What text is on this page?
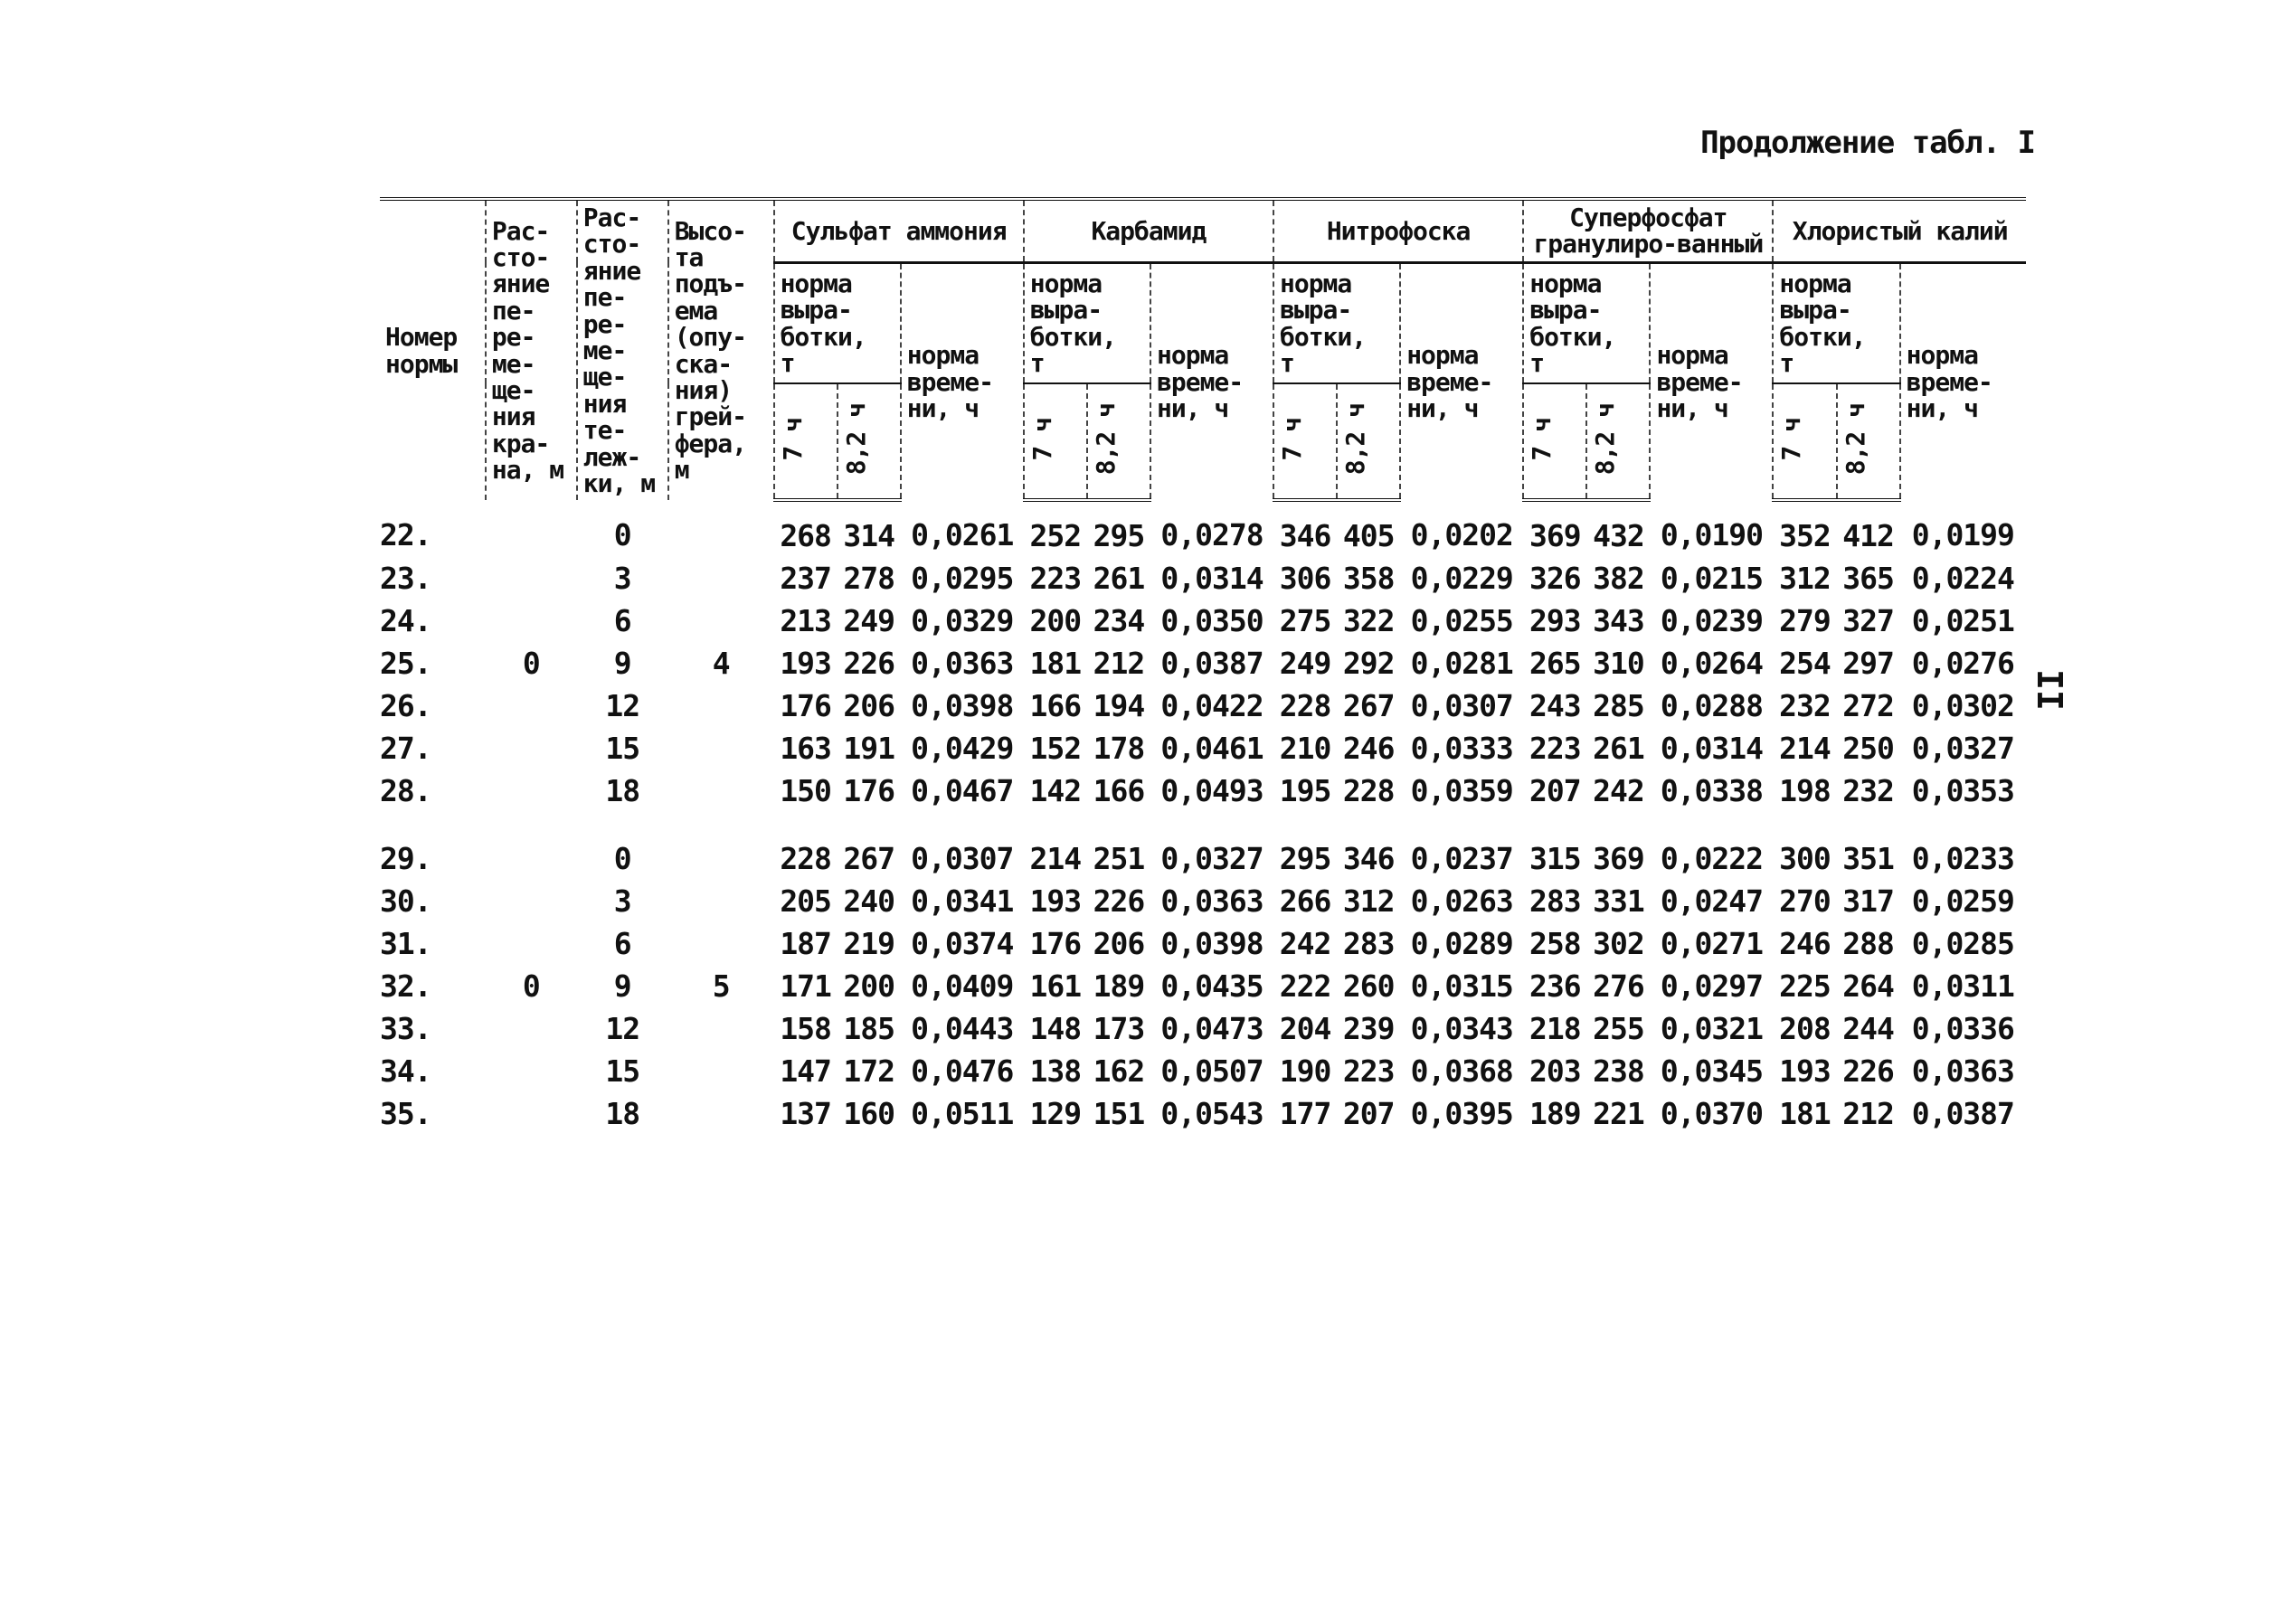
Продолжение табл. I
II
Номер нормы	Рас-сто-яние пе-ре-ме-ще-ния кра-на, м	Рас-сто-яние пе-ре-ме-ще-ния те-леж-ки, м	Высо-та подъ-ема (опу-ска-ния) грей-фера, м	Сульфат аммония			Карбамид			Нитрофоска			Суперфосфат гранулиро-ванный			Хлористый калий		
				норма выра-ботки, т		норма време-ни, ч	норма выра-ботки, т		норма време-ни, ч	норма выра-ботки, т		норма време-ни, ч	норма выра-ботки, т		норма време-ни, ч	норма выра-ботки, т		норма време-ни, ч
				7 ч	8,2 ч		7 ч	8,2 ч		7 ч	8,2 ч		7 ч	8,2 ч		7 ч	8,2 ч	
22.		0		268	314	0,0261	252	295	0,0278	346	405	0,0202	369	432	0,0190	352	412	0,0199
23.		3		237	278	0,0295	223	261	0,0314	306	358	0,0229	326	382	0,0215	312	365	0,0224
24.		6		213	249	0,0329	200	234	0,0350	275	322	0,0255	293	343	0,0239	279	327	0,0251
25.	0	9	4	193	226	0,0363	181	212	0,0387	249	292	0,0281	265	310	0,0264	254	297	0,0276
26.		12		176	206	0,0398	166	194	0,0422	228	267	0,0307	243	285	0,0288	232	272	0,0302
27.		15		163	191	0,0429	152	178	0,0461	210	246	0,0333	223	261	0,0314	214	250	0,0327
28.		18		150	176	0,0467	142	166	0,0493	195	228	0,0359	207	242	0,0338	198	232	0,0353

29.		0		228	267	0,0307	214	251	0,0327	295	346	0,0237	315	369	0,0222	300	351	0,0233
30.		3		205	240	0,0341	193	226	0,0363	266	312	0,0263	283	331	0,0247	270	317	0,0259
31.		6		187	219	0,0374	176	206	0,0398	242	283	0,0289	258	302	0,0271	246	288	0,0285
32.	0	9	5	171	200	0,0409	161	189	0,0435	222	260	0,0315	236	276	0,0297	225	264	0,0311
33.		12		158	185	0,0443	148	173	0,0473	204	239	0,0343	218	255	0,0321	208	244	0,0336
34.		15		147	172	0,0476	138	162	0,0507	190	223	0,0368	203	238	0,0345	193	226	0,0363
35.		18		137	160	0,0511	129	151	0,0543	177	207	0,0395	189	221	0,0370	181	212	0,0387
